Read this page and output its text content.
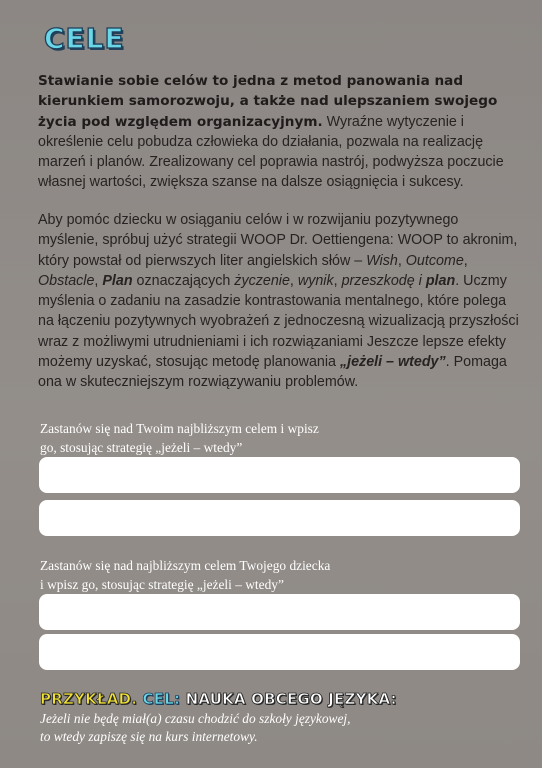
CELE

Stawianie sobie celów to jedna z metod panowania nad kierunkiem samorozwoju, a także nad ulepszaniem swojego życia pod względem organizacyjnym. Wyraźne wytyczenie i określenie celu pobudza człowieka do działania, pozwala na realizację marzeń i planów. Zrealizowany cel poprawia nastrój, podwyższa poczucie własnej wartości, zwiększa szanse na dalsze osiągnięcia i sukcesy.

Aby pomóc dziecku w osiąganiu celów i w rozwijaniu pozytywnego myślenie, spróbuj użyć strategii WOOP Dr. Oettiengena: WOOP to akronim, który powstał od pierwszych liter angielskich słów – Wish, Outcome, Obstacle, Plan oznaczających życzenie, wynik, przeszkodę i plan. Uczmy myślenia o zadaniu na zasadzie kontrastowania mentalnego, które polega na łączeniu pozytywnych wyobrażeń z jednoczesną wizualizacją przyszłości wraz z możliwymi utrudnieniami i ich rozwiązaniami Jeszcze lepsze efekty możemy uzyskać, stosując metodę planowania „jeżeli – wtedy”. Pomaga ona w skuteczniejszym rozwiązywaniu problemów.

Zastanów się nad Twoim najbliższym celem i wpisz
go, stosując strategię „jeżeli – wtedy”

Zastanów się nad najbliższym celem Twojego dziecka
i wpisz go, stosując strategię „jeżeli – wtedy”

PRZYKŁAD. CEL: NAUKA OBCEGO JĘZYKA:

Jeżeli nie będę miał(a) czasu chodzić do szkoły językowej,
to wtedy zapiszę się na kurs internetowy.
